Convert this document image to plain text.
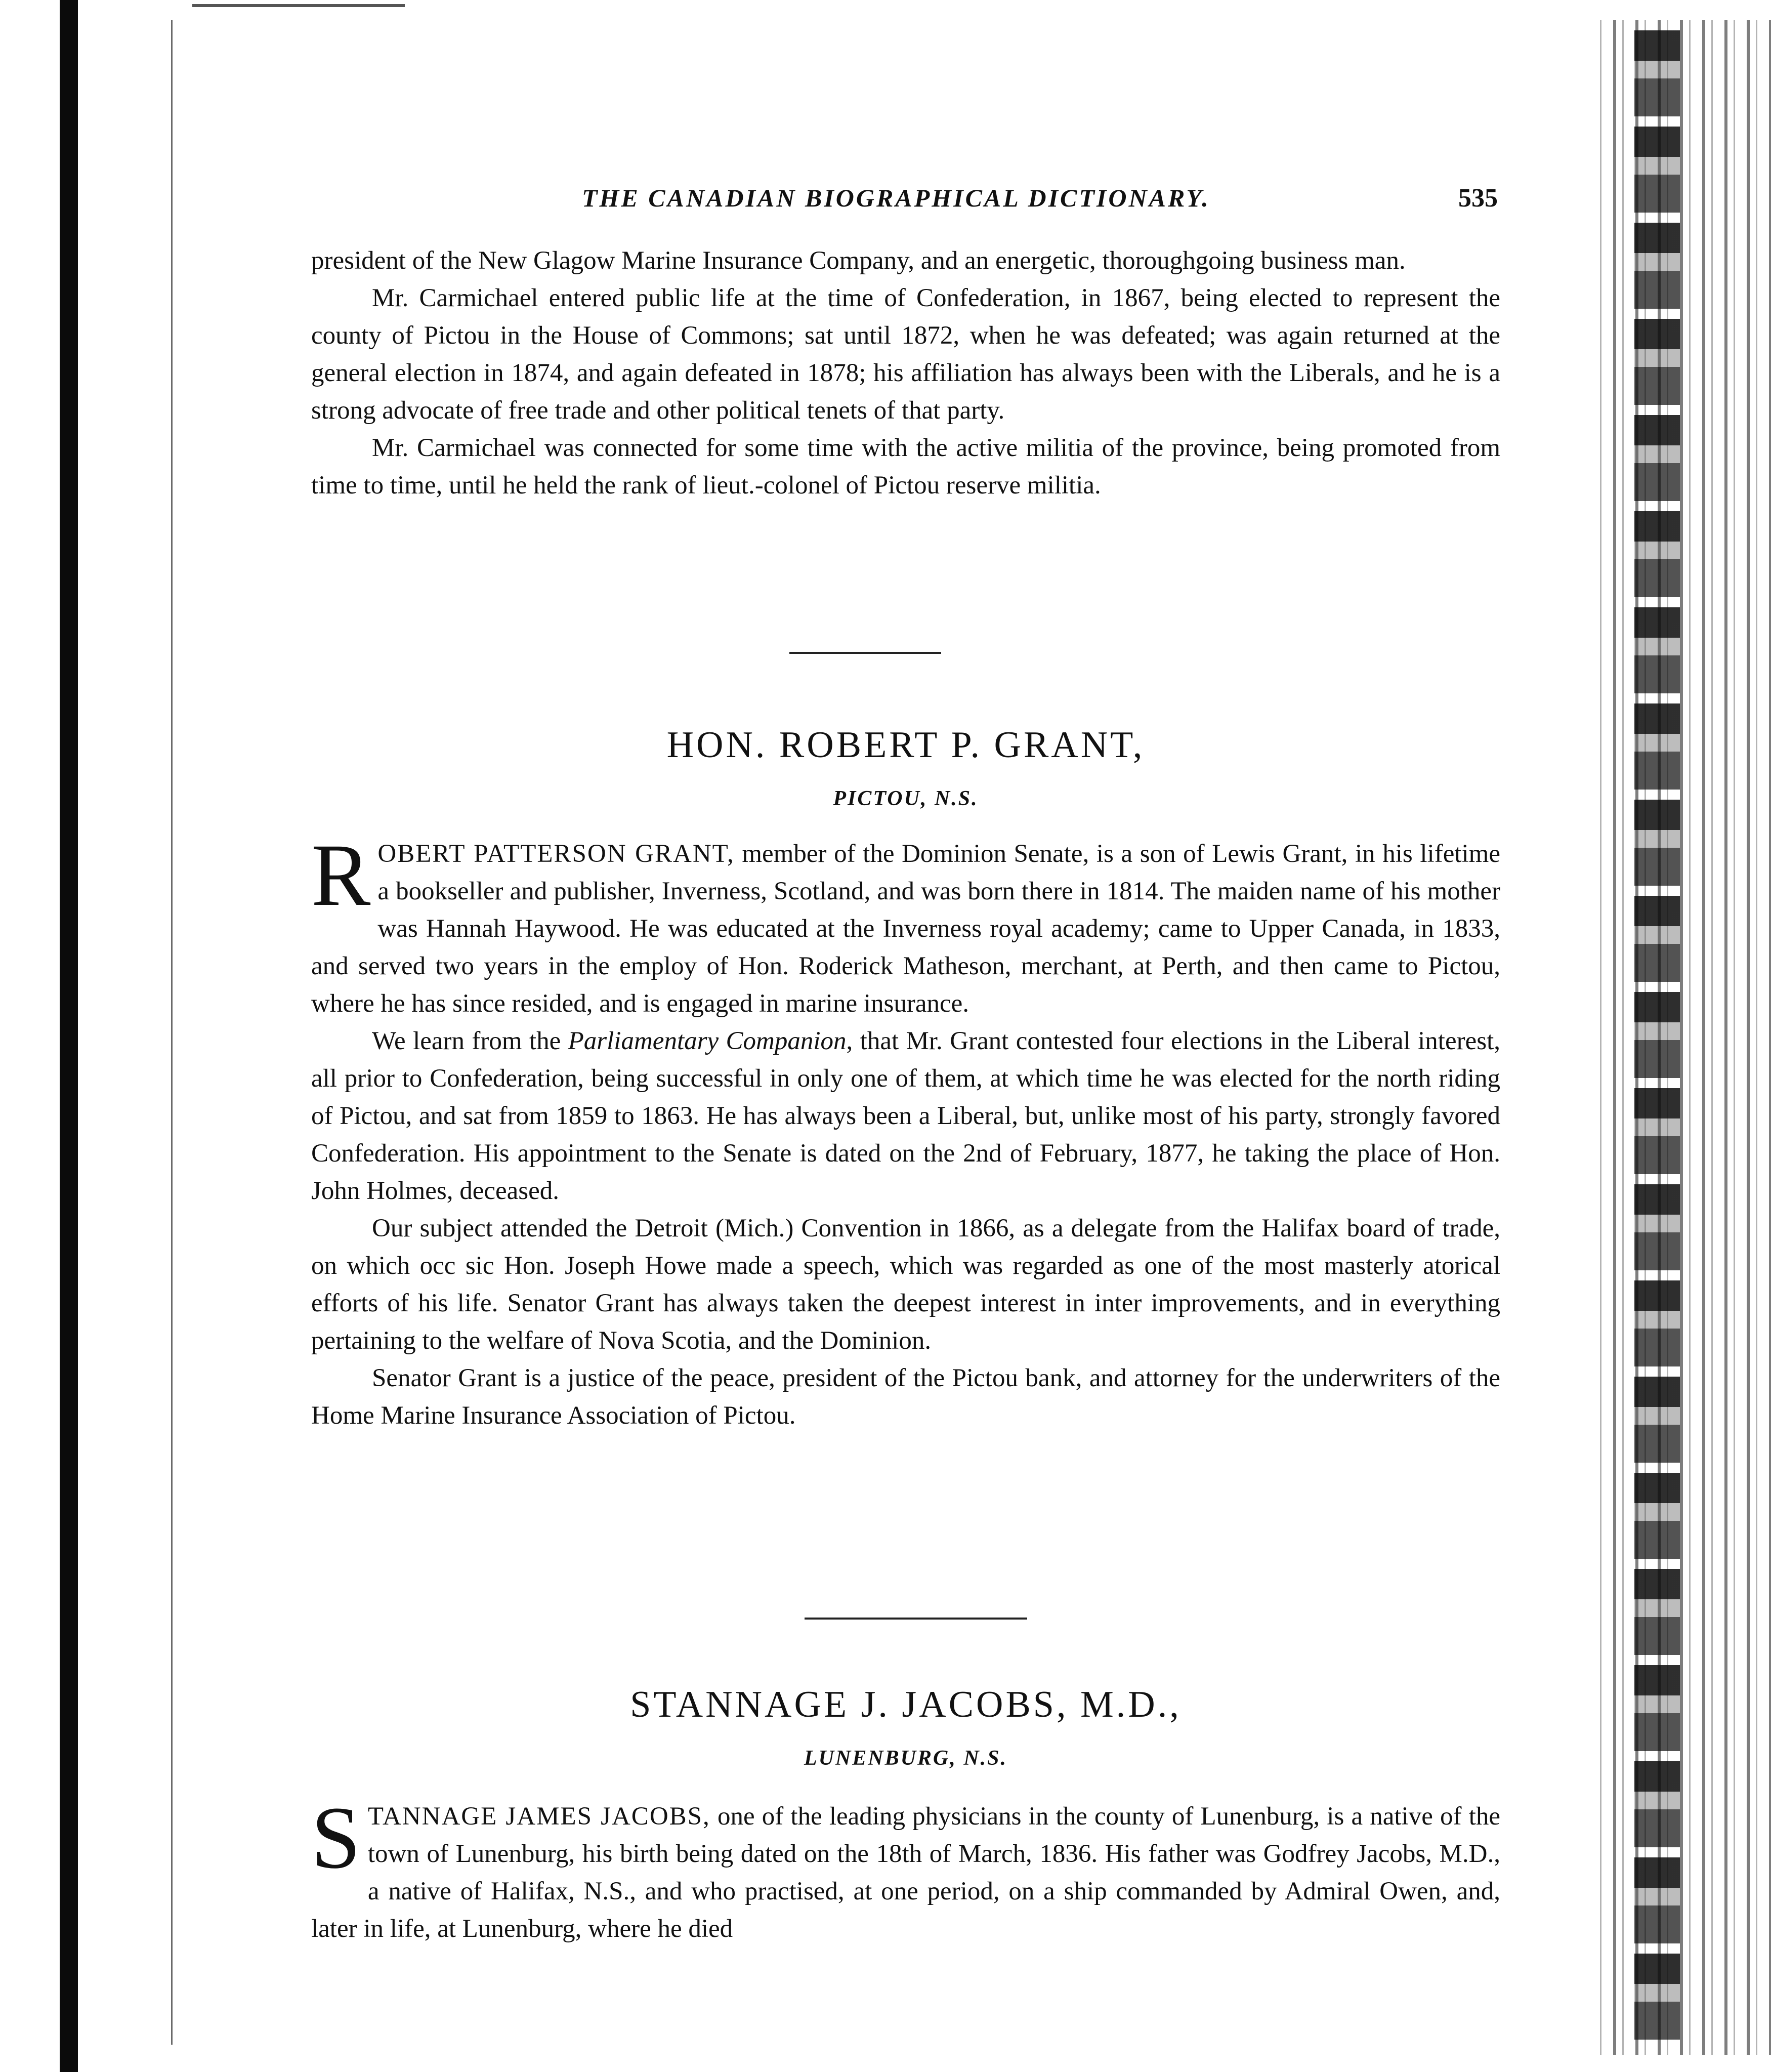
THE CANADIAN BIOGRAPHICAL DICTIONARY.	535

president of the New Glagow Marine Insurance Company, and an energetic, thoroughgoing business man.

Mr. Carmichael entered public life at the time of Confederation, in 1867, being elected to represent the county of Pictou in the House of Commons; sat until 1872, when he was defeated; was again returned at the general election in 1874, and again defeated in 1878; his affiliation has always been with the Liberals, and he is a strong advocate of free trade and other political tenets of that party.

Mr. Carmichael was connected for some time with the active militia of the province, being promoted from time to time, until he held the rank of lieut.-colonel of Pictou reserve militia.

HON. ROBERT P. GRANT,
PICTOU, N.S.

ROBERT PATTERSON GRANT, member of the Dominion Senate, is a son of Lewis Grant, in his lifetime a bookseller and publisher, Inverness, Scotland, and was born there in 1814. The maiden name of his mother was Hannah Haywood. He was educated at the Inverness royal academy; came to Upper Canada, in 1833, and served two years in the employ of Hon. Roderick Matheson, merchant, at Perth, and then came to Pictou, where he has since resided, and is engaged in marine insurance.

We learn from the Parliamentary Companion, that Mr. Grant contested four elections in the Liberal interest, all prior to Confederation, being successful in only one of them, at which time he was elected for the north riding of Pictou, and sat from 1859 to 1863. He has always been a Liberal, but, unlike most of his party, strongly favored Confederation. His appointment to the Senate is dated on the 2nd of February, 1877, he taking the place of Hon. John Holmes, deceased.

Our subject attended the Detroit (Mich.) Convention in 1866, as a delegate from the Halifax board of trade, on which occ sic Hon. Joseph Howe made a speech, which was regarded as one of the most masterly atorical efforts of his life. Senator Grant has always taken the deepest interest in inter improvements, and in everything pertaining to the welfare of Nova Scotia, and the Dominion.

Senator Grant is a justice of the peace, president of the Pictou bank, and attorney for the underwriters of the Home Marine Insurance Association of Pictou.

STANNAGE J. JACOBS, M.D.,
LUNENBURG, N.S.

STANNAGE JAMES JACOBS, one of the leading physicians in the county of Lunenburg, is a native of the town of Lunenburg, his birth being dated on the 18th of March, 1836. His father was Godfrey Jacobs, M.D., a native of Halifax, N.S., and who practised, at one period, on a ship commanded by Admiral Owen, and, later in life, at Lunenburg, where he died
